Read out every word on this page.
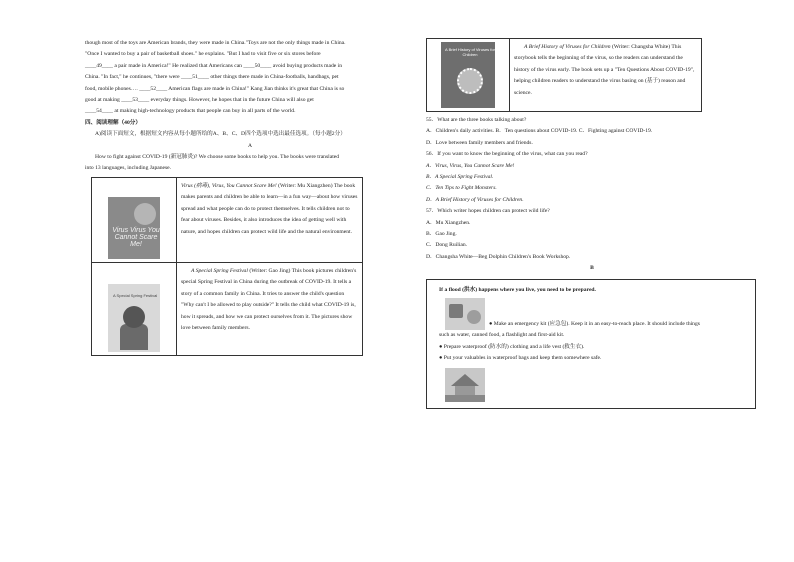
though most of the toys are American brands, they were made in China."Toys are not the only things made in China.

"Once I wanted to buy a pair of basketball shoes." he explains. "But I had to visit five or six stores before

____49____ a pair made in America!" He realized that Americans can ____50____ avoid buying products made in

China. "In fact," he continues, "there were ____51____ other things there made in China-footballs, handbags, pet

food, mobile phones…. ____52____ American flags are made in China!" Kang Jian thinks it's great that China is so

good at making ____53____ everyday things. However, he hopes that in the future China will also get

____54____ at making high-technology products that people can buy in all parts of the world.

四、阅读理解（40分）

A)阅读下面短文，根据短文内容从每小题所给的A、B、C、D四个选项中选出最佳选项。（每小题2分）

A

How to fight against COVID-19 (新冠肺炎)? We choose some books to help you. The books were translated

into 13 languages, including Japanese.

Virus Virus You Cannot Scare Me!	Virus (病毒), Virus, You Cannot Scare Me! (Writer: Mu Xiangzhen) The book makes parents and children be able to learn—in a fun way—about how viruses spread and what people can do to protect themselves. It tells children not to fear about viruses. Besides, it also introduces the idea of getting well with nature, and hopes children can protect wild life and the natural environment.

A Special Spring Festival	A Special Spring Festival (Writer: Gao Jing) This book pictures children's special Spring Festival in China during the outbreak of COVID-19. It tells a story of a common family in China. It tries to answer the child's question "Why can't I be allowed to play outside?" It tells the child what COVID-19 is, how it spreads, and how we can protect ourselves from it. The pictures show love between family members.
A Brief History of Viruses for Children
	A Brief History of Viruses for Children (Writer: Changsha White) This storybook tells the beginning of the virus, so the readers can understand the history of the virus early. The book sets up a "Ten Questions About COVID-19", helping children readers to understand the virus basing on (基于) reason and science.

55．What are the three books talking about?

A．Children's daily activities. B．Ten questions about COVID-19. C．Fighting against COVID-19.

D．Love between family members and friends.

56．If you want to know the beginning of the virus, what can you read?

A．Virus, Virus, You Cannot Scare Me!

B．A Special Spring Festival.

C．Ten Tips to Fight Monsters.

D．A Brief History of Viruses for Children.

57．Which writer hopes children can protect wild life?

A．Mu Xiangzhen.

B．Gao Jing.

C．Dong Ruilian.

D．Changsha White—Beg Dolphin Children's Book Workshop.

B

If a flood (洪水) happens where you live, you need to be prepared.

● Make an emergency kit (应急包). Keep it in an easy-to-reach place. It should include things

such as water, canned food, a flashlight and first-aid kit.

● Prepare waterproof (防水的) clothing and a life vest (救生衣).

● Put your valuables in waterproof bags and keep them somewhere safe.
